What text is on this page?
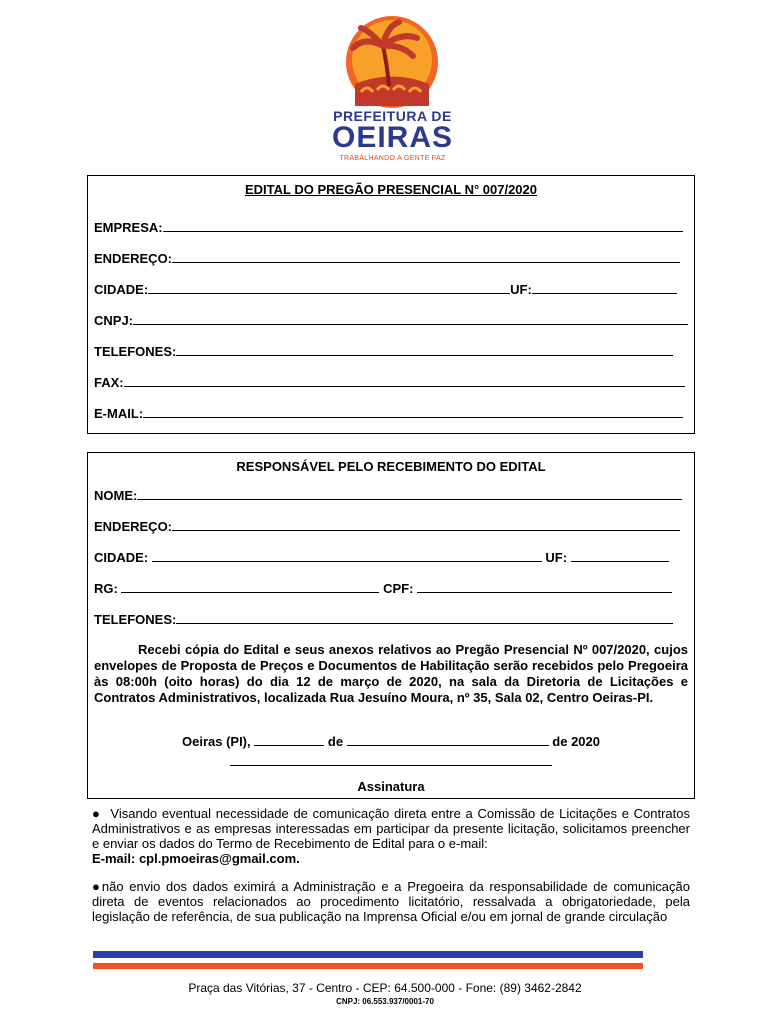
PREFEITURA DE
OEIRAS
TRABALHANDO A GENTE FAZ
EDITAL DO PREGÃO PRESENCIAL N° 007/2020
EMPRESA:
ENDEREÇO:
CIDADE:	UF:
CNPJ:
TELEFONES:
FAX:
E-MAIL:
RESPONSÁVEL PELO RECEBIMENTO DO EDITAL
NOME:
ENDEREÇO:
CIDADE:	UF:
RG:	CPF:
TELEFONES:
Recebi cópia do Edital e seus anexos relativos ao Pregão Presencial Nº 007/2020, cujos envelopes de Proposta de Preços e Documentos de Habilitação serão recebidos pelo Pregoeira às 08:00h (oito horas) do dia 12 de março de 2020, na sala da Diretoria de Licitações e Contratos Administrativos, localizada Rua Jesuíno Moura, nº 35, Sala 02, Centro Oeiras-PI.
Oeiras (PI),	de	de 2020
Assinatura
●  Visando eventual necessidade de comunicação direta entre a Comissão de Licitações e Contratos Administrativos e as empresas interessadas em participar da presente licitação, solicitamos preencher e enviar os dados do Termo de Recebimento de Edital para o e-mail:
E-mail: cpl.pmoeiras@gmail.com.
●não envio dos dados eximirá a Administração e a Pregoeira da responsabilidade de comunicação direta de eventos relacionados ao procedimento licitatório, ressalvada a obrigatoriedade, pela legislação de referência, de sua publicação na Imprensa Oficial e/ou em jornal de grande circulação
Praça das Vitórias, 37 - Centro - CEP: 64.500-000 - Fone: (89) 3462-2842
CNPJ: 06.553.937/0001-70
